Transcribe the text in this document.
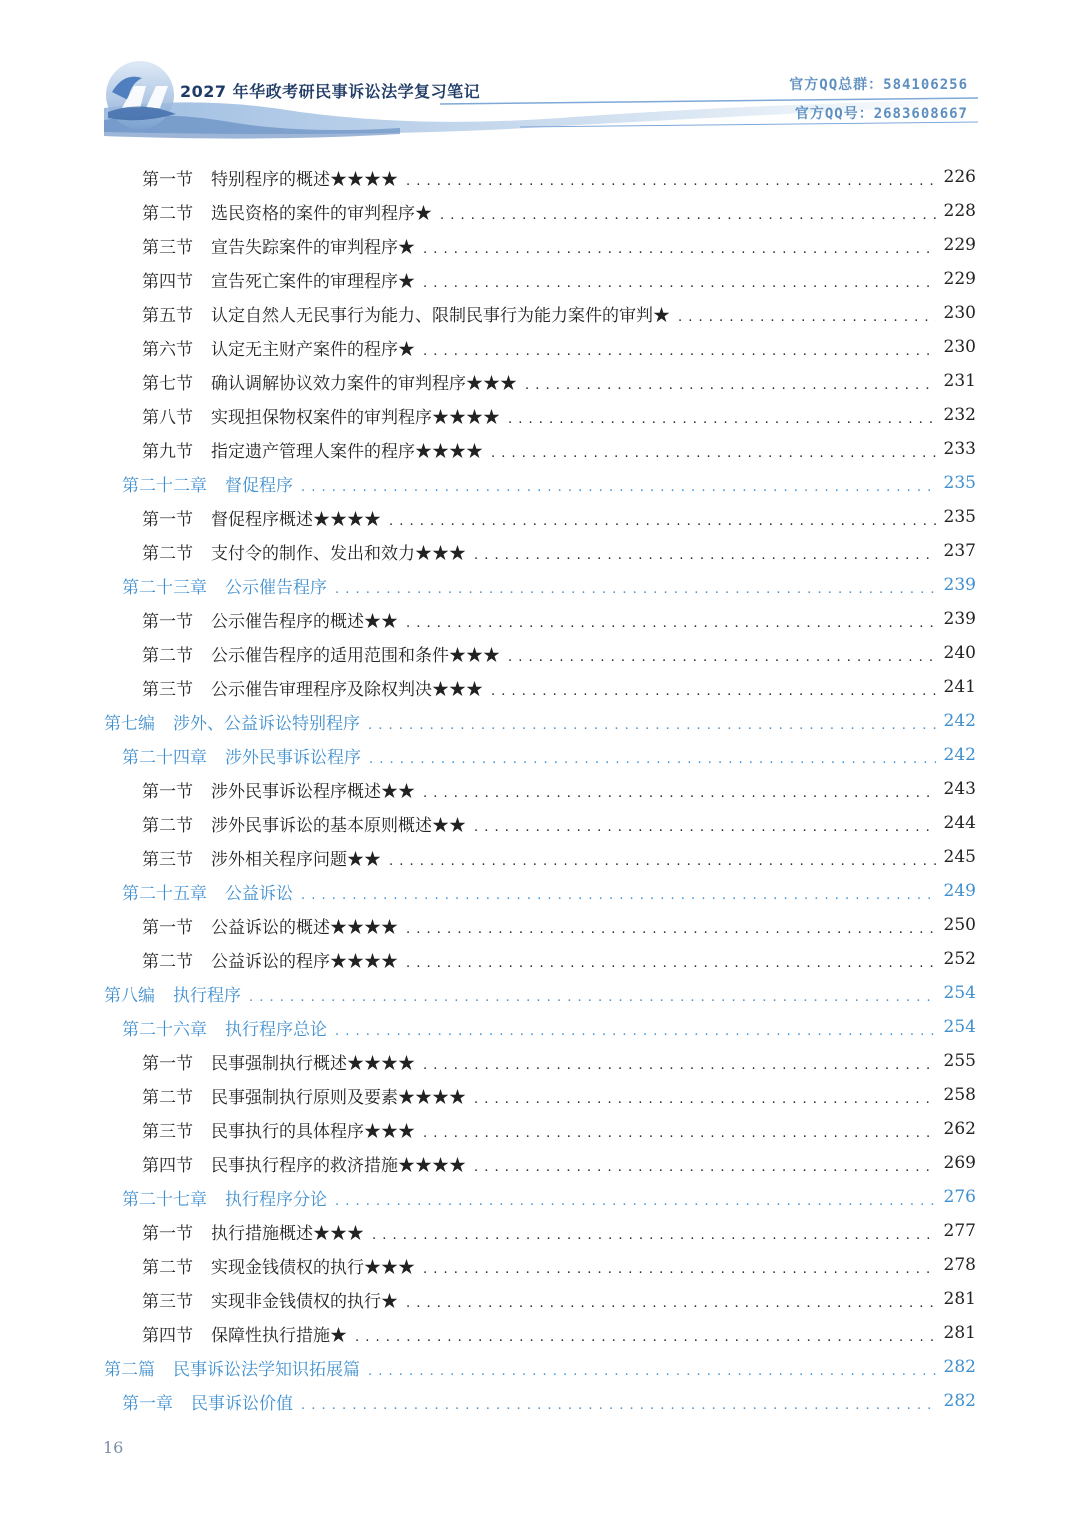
2027 年华政考研民事诉讼法学复习笔记	官方QQ总群：584106256
官方QQ号：2683608667
第一节 特别程序的概述★★★★ . . .	226
第二节 选民资格的案件的审判程序★ . . .	228
第三节 宣告失踪案件的审判程序★ . . .	229
第四节 宣告死亡案件的审理程序★ . . .	229
第五节 认定自然人无民事行为能力、限制民事行为能力案件的审判★ . . .	230
第六节 认定无主财产案件的程序★ . . .	230
第七节 确认调解协议效力案件的审判程序★★★ . . .	231
第八节 实现担保物权案件的审判程序★★★★ . . .	232
第九节 指定遗产管理人案件的程序★★★★ . . .	233
第二十二章 督促程序 . . .	235
第一节 督促程序概述★★★★ . . .	235
第二节 支付令的制作、发出和效力★★★ . . .	237
第二十三章 公示催告程序 . . .	239
第一节 公示催告程序的概述★★ . . .	239
第二节 公示催告程序的适用范围和条件★★★ . . .	240
第三节 公示催告审理程序及除权判决★★★ . . .	241
第七编 涉外、公益诉讼特别程序 . . .	242
第二十四章 涉外民事诉讼程序 . . .	242
第一节 涉外民事诉讼程序概述★★ . . .	243
第二节 涉外民事诉讼的基本原则概述★★ . . .	244
第三节 涉外相关程序问题★★ . . .	245
第二十五章 公益诉讼 . . .	249
第一节 公益诉讼的概述★★★★ . . .	250
第二节 公益诉讼的程序★★★★ . . .	252
第八编 执行程序 . . .	254
第二十六章 执行程序总论 . . .	254
第一节 民事强制执行概述★★★★ . . .	255
第二节 民事强制执行原则及要素★★★★ . . .	258
第三节 民事执行的具体程序★★★ . . .	262
第四节 民事执行程序的救济措施★★★★ . . .	269
第二十七章 执行程序分论 . . .	276
第一节 执行措施概述★★★ . . .	277
第二节 实现金钱债权的执行★★★ . . .	278
第三节 实现非金钱债权的执行★ . . .	281
第四节 保障性执行措施★ . . .	281
第二篇 民事诉讼法学知识拓展篇 . . .	282
第一章 民事诉讼价值 . . .	282
16
